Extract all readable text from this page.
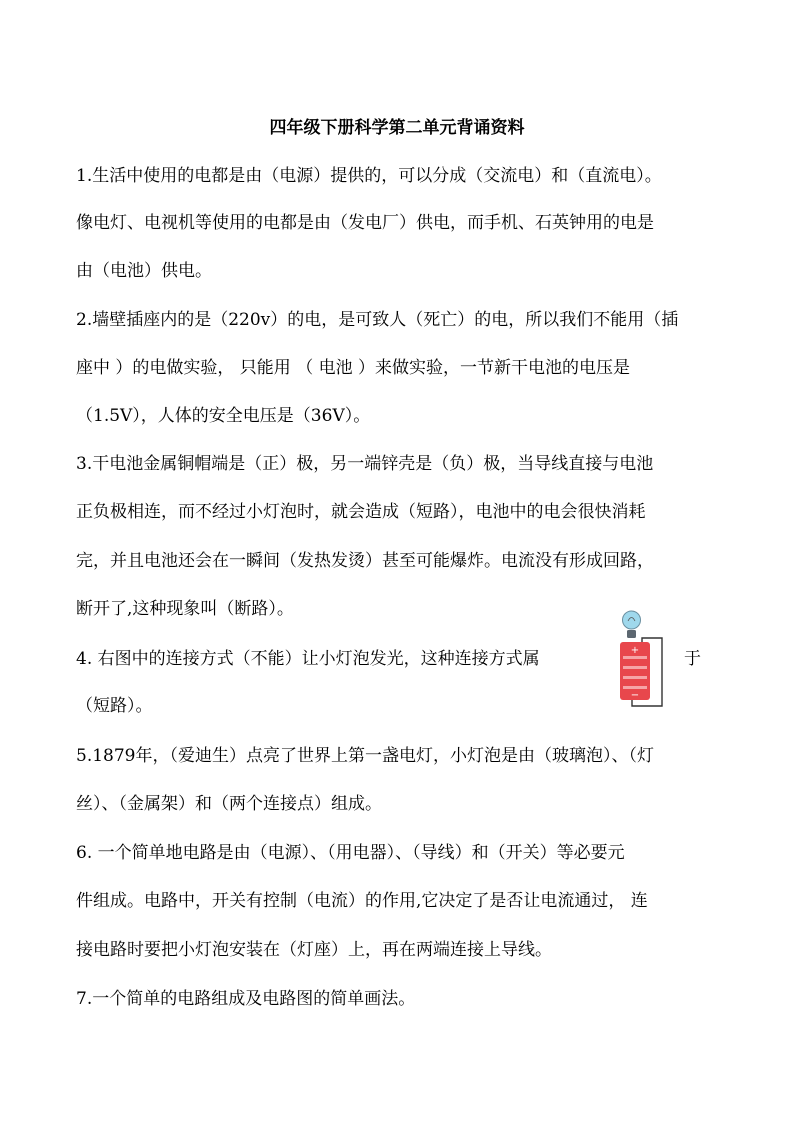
四年级下册科学第二单元背诵资料
1.生活中使用的电都是由（电源）提供的，可以分成（交流电）和（直流电）。
像电灯、电视机等使用的电都是由（发电厂）供电，而手机、石英钟用的电是
由（电池）供电。
2.墙壁插座内的是（220v）的电，是可致人（死亡）的电，所以我们不能用（插
座中 ）的电做实验， 只能用 （ 电池 ）来做实验，一节新干电池的电压是
（1.5V），人体的安全电压是（36V）。
3.干电池金属铜帽端是（正）极，另一端锌壳是（负）极，当导线直接与电池
正负极相连，而不经过小灯泡时，就会造成（短路），电池中的电会很快消耗
完，并且电池还会在一瞬间（发热发烫）甚至可能爆炸。电流没有形成回路，
断开了,这种现象叫（断路）。
4. 右图中的连接方式（不能）让小灯泡发光，这种连接方式属	于
（短路）。
5.1879年，（爱迪生）点亮了世界上第一盏电灯，小灯泡是由（玻璃泡）、（灯
丝）、（金属架）和（两个连接点）组成。
6. 一个简单地电路是由（电源）、（用电器）、（导线）和（开关）等必要元
件组成。电路中，开关有控制（电流）的作用,它决定了是否让电流通过， 连
接电路时要把小灯泡安装在（灯座）上，再在两端连接上导线。
7.一个简单的电路组成及电路图的简单画法。
+
−
